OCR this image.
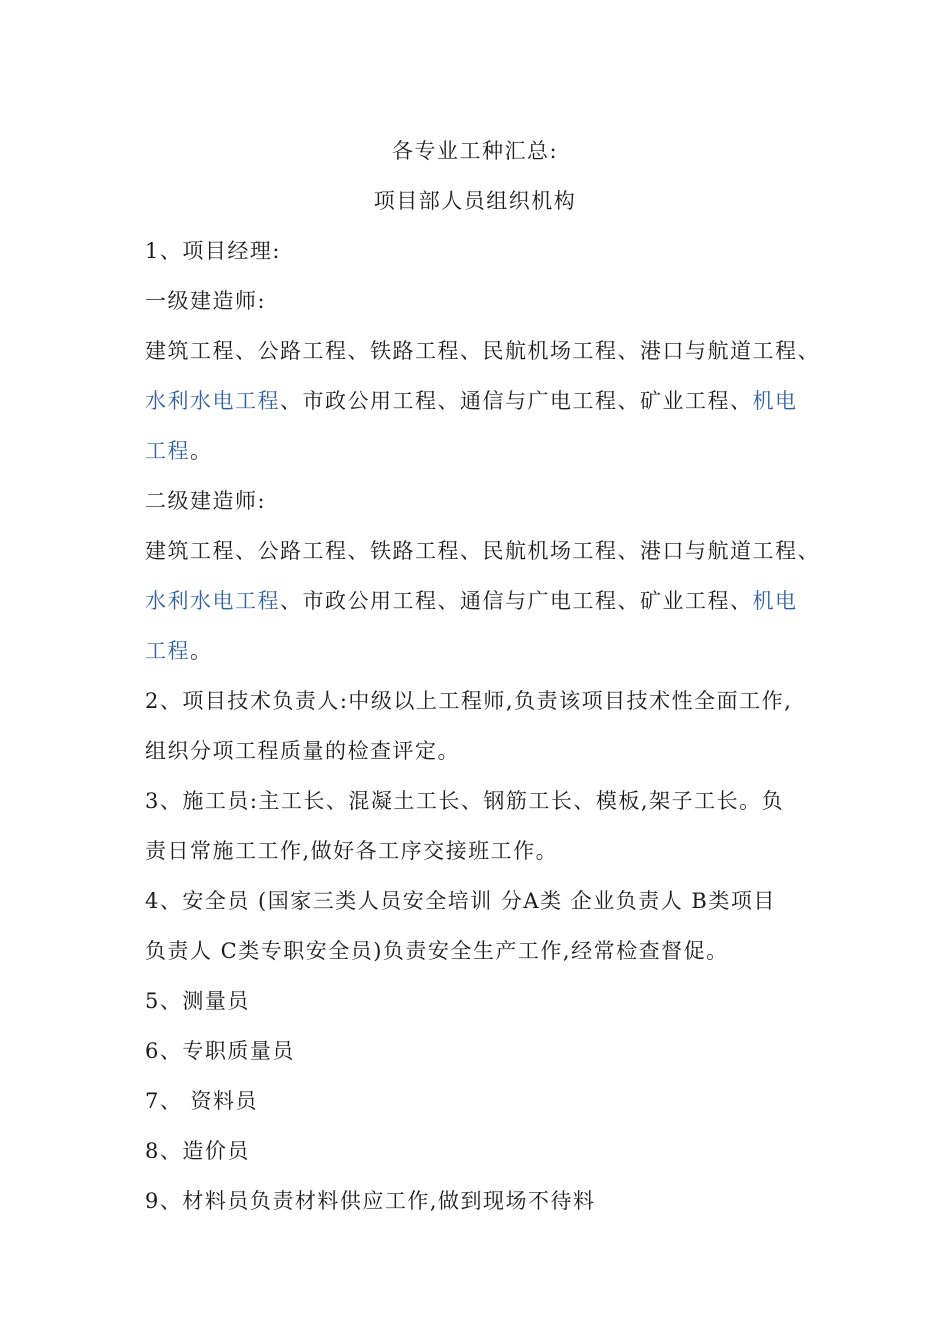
各专业工种汇总:
项目部人员组织机构
1、项目经理:
一级建造师:
建筑工程、公路工程、铁路工程、民航机场工程、港口与航道工程、
水利水电工程、市政公用工程、通信与广电工程、矿业工程、机电
工程。
二级建造师:
建筑工程、公路工程、铁路工程、民航机场工程、港口与航道工程、
水利水电工程、市政公用工程、通信与广电工程、矿业工程、机电
工程。
2、项目技术负责人:中级以上工程师,负责该项目技术性全面工作,
组织分项工程质量的检查评定。
3、施工员:主工长、混凝土工长、钢筋工长、模板,架子工长。负
责日常施工工作,做好各工序交接班工作。
4、安全员 (国家三类人员安全培训 分A类 企业负责人 B类项目
负责人 C类专职安全员)负责安全生产工作,经常检查督促。
5、测量员
6、专职质量员
7、 资料员
8、造价员
9、材料员负责材料供应工作,做到现场不待料
